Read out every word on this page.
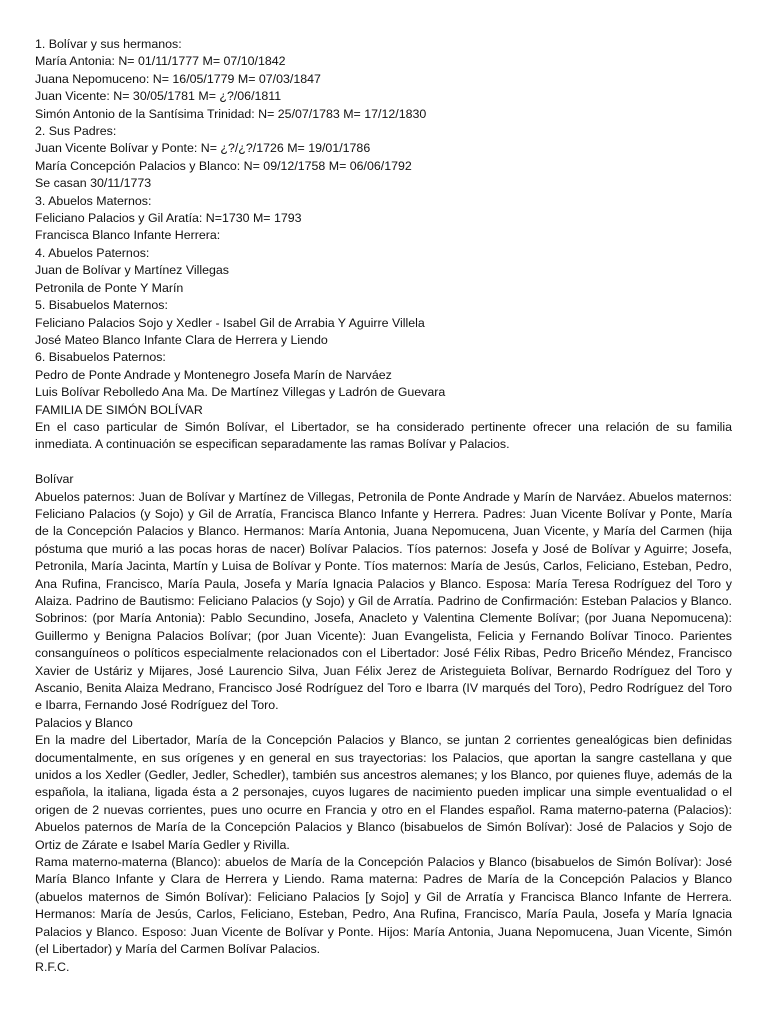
1. Bolívar y sus hermanos:
María Antonia: N= 01/11/1777 M= 07/10/1842
Juana Nepomuceno: N= 16/05/1779 M= 07/03/1847
Juan Vicente: N= 30/05/1781 M= ¿?/06/1811
Simón Antonio de la Santísima Trinidad: N= 25/07/1783 M= 17/12/1830
2. Sus Padres:
Juan Vicente Bolívar y Ponte: N= ¿?/¿?/1726 M= 19/01/1786
María Concepción Palacios y Blanco: N= 09/12/1758 M= 06/06/1792
Se casan 30/11/1773
3. Abuelos Maternos:
Feliciano Palacios y Gil Aratía: N=1730 M= 1793
Francisca Blanco Infante Herrera:
4. Abuelos Paternos:
Juan de Bolívar y Martínez Villegas
Petronila de Ponte Y Marín
5. Bisabuelos Maternos:
Feliciano Palacios Sojo y Xedler - Isabel Gil de Arrabia Y Aguirre Villela
José Mateo Blanco Infante Clara de Herrera y Liendo
6. Bisabuelos Paternos:
Pedro de Ponte Andrade y Montenegro Josefa Marín de Narváez
Luis Bolívar Rebolledo Ana Ma. De Martínez Villegas y Ladrón de Guevara
FAMILIA DE SIMÓN BOLÍVAR
En el caso particular de Simón Bolívar, el Libertador, se ha considerado pertinente ofrecer una relación de su familia inmediata. A continuación se especifican separadamente las ramas Bolívar y Palacios.
Bolívar
Abuelos paternos: Juan de Bolívar y Martínez de Villegas, Petronila de Ponte Andrade y Marín de Narváez. Abuelos maternos: Feliciano Palacios (y Sojo) y Gil de Arratía, Francisca Blanco Infante y Herrera. Padres: Juan Vicente Bolívar y Ponte, María de la Concepción Palacios y Blanco. Hermanos: María Antonia, Juana Nepomucena, Juan Vicente, y María del Carmen (hija póstuma que murió a las pocas horas de nacer) Bolívar Palacios. Tíos paternos: Josefa y José de Bolívar y Aguirre; Josefa, Petronila, María Jacinta, Martín y Luisa de Bolívar y Ponte. Tíos maternos: María de Jesús, Carlos, Feliciano, Esteban, Pedro, Ana Rufina, Francisco, María Paula, Josefa y María Ignacia Palacios y Blanco. Esposa: María Teresa Rodríguez del Toro y Alaiza. Padrino de Bautismo: Feliciano Palacios (y Sojo) y Gil de Arratía. Padrino de Confirmación: Esteban Palacios y Blanco. Sobrinos: (por María Antonia): Pablo Secundino, Josefa, Anacleto y Valentina Clemente Bolívar; (por Juana Nepomucena): Guillermo y Benigna Palacios Bolívar; (por Juan Vicente): Juan Evangelista, Felicia y Fernando Bolívar Tinoco. Parientes consanguíneos o políticos especialmente relacionados con el Libertador: José Félix Ribas, Pedro Briceño Méndez, Francisco Xavier de Ustáriz y Mijares, José Laurencio Silva, Juan Félix Jerez de Aristeguieta Bolívar, Bernardo Rodríguez del Toro y Ascanio, Benita Alaiza Medrano, Francisco José Rodríguez del Toro e Ibarra (IV marqués del Toro), Pedro Rodríguez del Toro e Ibarra, Fernando José Rodríguez del Toro.
Palacios y Blanco
En la madre del Libertador, María de la Concepción Palacios y Blanco, se juntan 2 corrientes genealógicas bien definidas documentalmente, en sus orígenes y en general en sus trayectorias: los Palacios, que aportan la sangre castellana y que unidos a los Xedler (Gedler, Jedler, Schedler), también sus ancestros alemanes; y los Blanco, por quienes fluye, además de la española, la italiana, ligada ésta a 2 personajes, cuyos lugares de nacimiento pueden implicar una simple eventualidad o el origen de 2 nuevas corrientes, pues uno ocurre en Francia y otro en el Flandes español. Rama materno-paterna (Palacios): Abuelos paternos de María de la Concepción Palacios y Blanco (bisabuelos de Simón Bolívar): José de Palacios y Sojo de Ortiz de Zárate e Isabel María Gedler y Rivilla.
Rama materno-materna (Blanco): abuelos de María de la Concepción Palacios y Blanco (bisabuelos de Simón Bolívar): José María Blanco Infante y Clara de Herrera y Liendo. Rama materna: Padres de María de la Concepción Palacios y Blanco (abuelos maternos de Simón Bolívar): Feliciano Palacios [y Sojo] y Gil de Arratía y Francisca Blanco Infante de Herrera. Hermanos: María de Jesús, Carlos, Feliciano, Esteban, Pedro, Ana Rufina, Francisco, María Paula, Josefa y María Ignacia Palacios y Blanco. Esposo: Juan Vicente de Bolívar y Ponte. Hijos: María Antonia, Juana Nepomucena, Juan Vicente, Simón (el Libertador) y María del Carmen Bolívar Palacios.
R.F.C.
